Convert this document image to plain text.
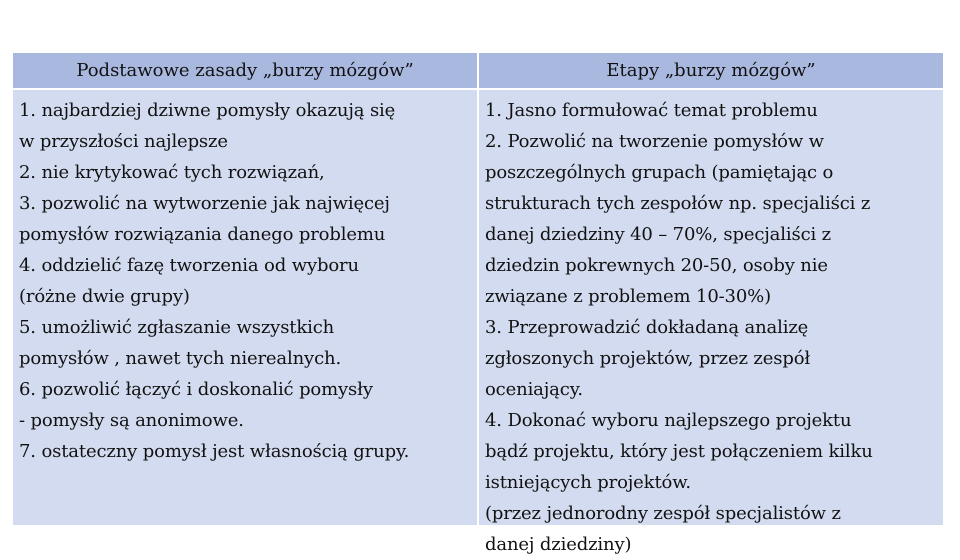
Podstawowe zasady „burzy mózgów”	Etapy „burzy mózgów”
1. najbardziej dziwne pomysły okazują się
w przyszłości najlepsze
2. nie krytykować tych rozwiązań,
3. pozwolić na wytworzenie jak najwięcej
pomysłów rozwiązania danego problemu
4. oddzielić fazę tworzenia od wyboru
(różne dwie grupy)
5. umożliwić zgłaszanie wszystkich
pomysłów , nawet tych nierealnych.
6. pozwolić łączyć i doskonalić pomysły
- pomysły są anonimowe.
7. ostateczny pomysł jest własnością grupy.
1. Jasno formułować temat problemu
2. Pozwolić na tworzenie pomysłów w
poszczególnych grupach (pamiętając o
strukturach tych zespołów np. specjaliści z
danej dziedziny 40 – 70%, specjaliści z
dziedzin pokrewnych 20-50, osoby nie
związane z problemem 10-30%)
3. Przeprowadzić dokładaną analizę
zgłoszonych projektów, przez zespół
oceniający.
4. Dokonać wyboru najlepszego projektu
bądź projektu, który jest połączeniem kilku
istniejących projektów.
(przez jednorodny zespół specjalistów z
danej dziedziny)
